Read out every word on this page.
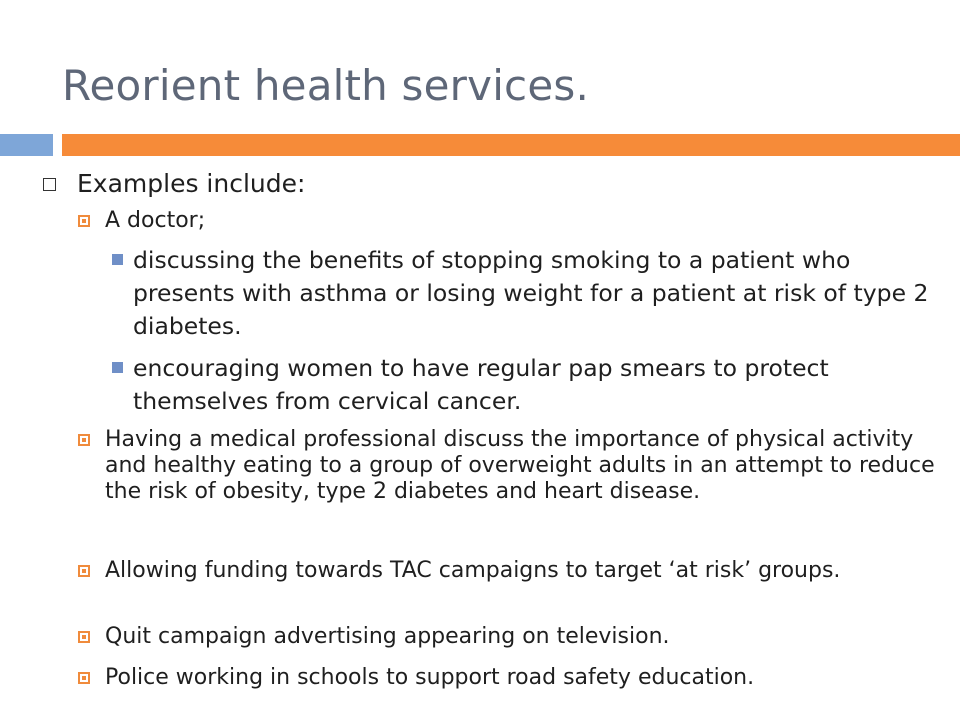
Reorient health services.
Examples include:
A doctor;
discussing the benefits of stopping smoking to a patient who presents with asthma or losing weight for a patient at risk of type 2 diabetes.
encouraging women to have regular pap smears to protect themselves from cervical cancer.
Having a medical professional discuss the importance of physical activity and healthy eating to a group of overweight adults in an attempt to reduce the risk of obesity, type 2 diabetes and heart disease.
Allowing funding towards TAC campaigns to target ‘at risk’ groups.
Quit campaign advertising appearing on television.
Police working in schools to support road safety education.
